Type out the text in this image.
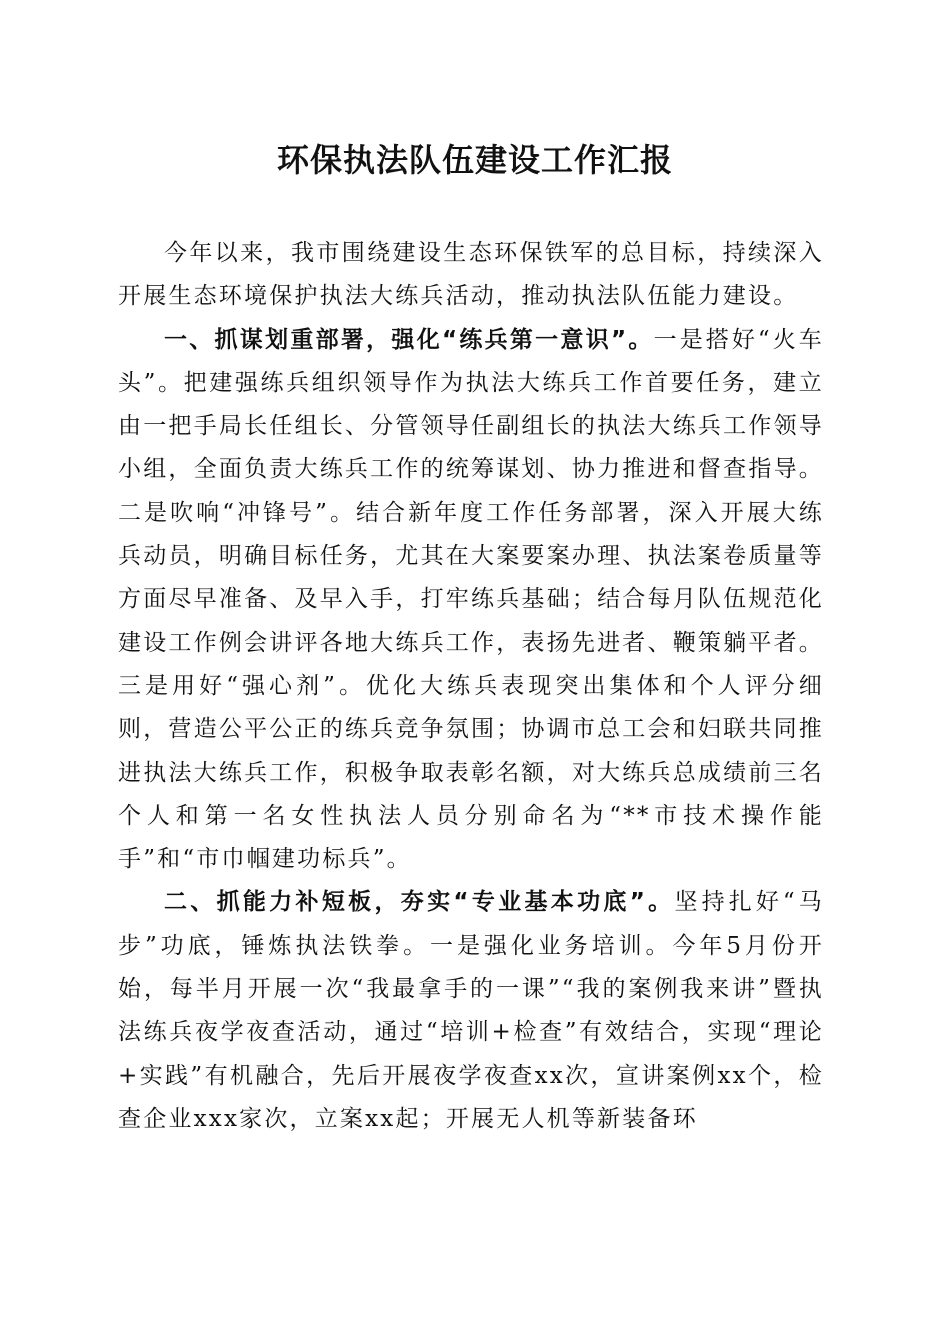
环保执法队伍建设工作汇报

今年以来，我市围绕建设生态环保铁军的总目标，持续深入开展生态环境保护执法大练兵活动，推动执法队伍能力建设。

一、抓谋划重部署，强化“练兵第一意识”。一是搭好“火车头”。把建强练兵组织领导作为执法大练兵工作首要任务，建立由一把手局长任组长、分管领导任副组长的执法大练兵工作领导小组，全面负责大练兵工作的统筹谋划、协力推进和督查指导。二是吹响“冲锋号”。结合新年度工作任务部署，深入开展大练兵动员，明确目标任务，尤其在大案要案办理、执法案卷质量等方面尽早准备、及早入手，打牢练兵基础；结合每月队伍规范化建设工作例会讲评各地大练兵工作，表扬先进者、鞭策躺平者。三是用好“强心剂”。优化大练兵表现突出集体和个人评分细则，营造公平公正的练兵竞争氛围；协调市总工会和妇联共同推进执法大练兵工作，积极争取表彰名额，对大练兵总成绩前三名个人和第一名女性执法人员分别命名为“**市技术操作能手”和“市巾帼建功标兵”。

二、抓能力补短板，夯实“专业基本功底”。坚持扎好“马步”功底，锤炼执法铁拳。一是强化业务培训。今年5月份开始，每半月开展一次“我最拿手的一课”“我的案例我来讲”暨执法练兵夜学夜查活动，通过“培训+检查”有效结合，实现“理论+实践”有机融合，先后开展夜学夜查xx次，宣讲案例xx个，检查企业xxx家次，立案xx起；开展无人机等新装备环
